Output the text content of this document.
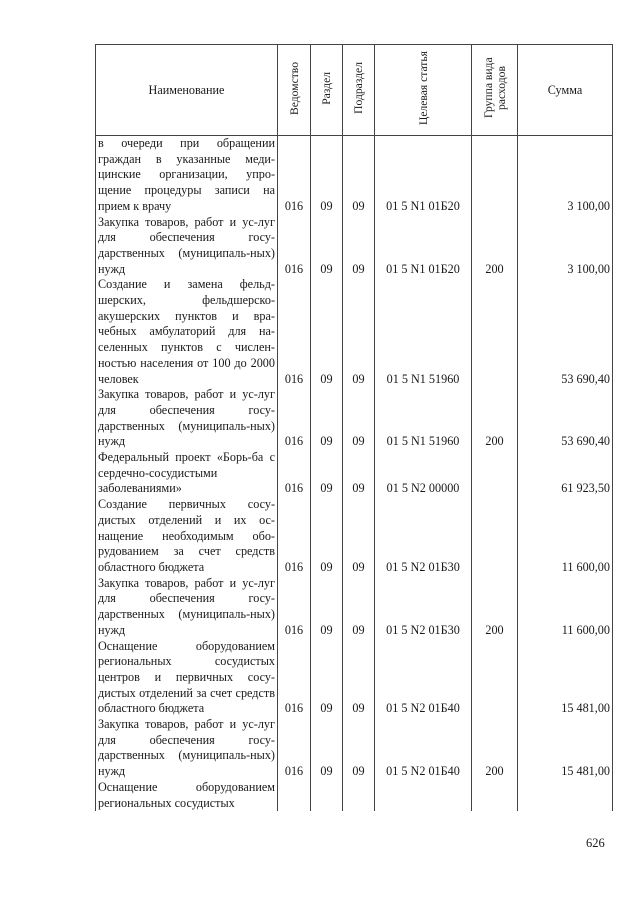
Наименование	Ведомство	Раздел	Подраздел	Целевая статья	Группа вида расходов	Сумма
в очереди при обращении граждан в указанные меди-цинские организации, упро-щение процедуры записи на прием к врачу	016	09	09	01 5 N1 01Б20		3 100,00
Закупка товаров, работ и ус-луг для обеспечения госу-дарственных (муниципаль-ных) нужд	016	09	09	01 5 N1 01Б20	200	3 100,00
Создание и замена фельд-шерских, фельдшерско-акушерских пунктов и вра-чебных амбулаторий для на-селенных пунктов с числен-ностью населения от 100 до 2000 человек	016	09	09	01 5 N1 51960		53 690,40
Закупка товаров, работ и ус-луг для обеспечения госу-дарственных (муниципаль-ных) нужд	016	09	09	01 5 N1 51960	200	53 690,40
Федеральный проект «Борь-ба с сердечно-сосудистыми заболеваниями»	016	09	09	01 5 N2 00000		61 923,50
Создание первичных сосу-дистых отделений и их ос-нащение необходимым обо-рудованием за счет средств областного бюджета	016	09	09	01 5 N2 01Б30		11 600,00
Закупка товаров, работ и ус-луг для обеспечения госу-дарственных (муниципаль-ных) нужд	016	09	09	01 5 N2 01Б30	200	11 600,00
Оснащение оборудованием региональных сосудистых центров и первичных сосу-дистых отделений за счет средств областного бюджета	016	09	09	01 5 N2 01Б40		15 481,00
Закупка товаров, работ и ус-луг для обеспечения госу-дарственных (муниципаль-ных) нужд	016	09	09	01 5 N2 01Б40	200	15 481,00
Оснащение оборудованием региональных сосудистых						
626
